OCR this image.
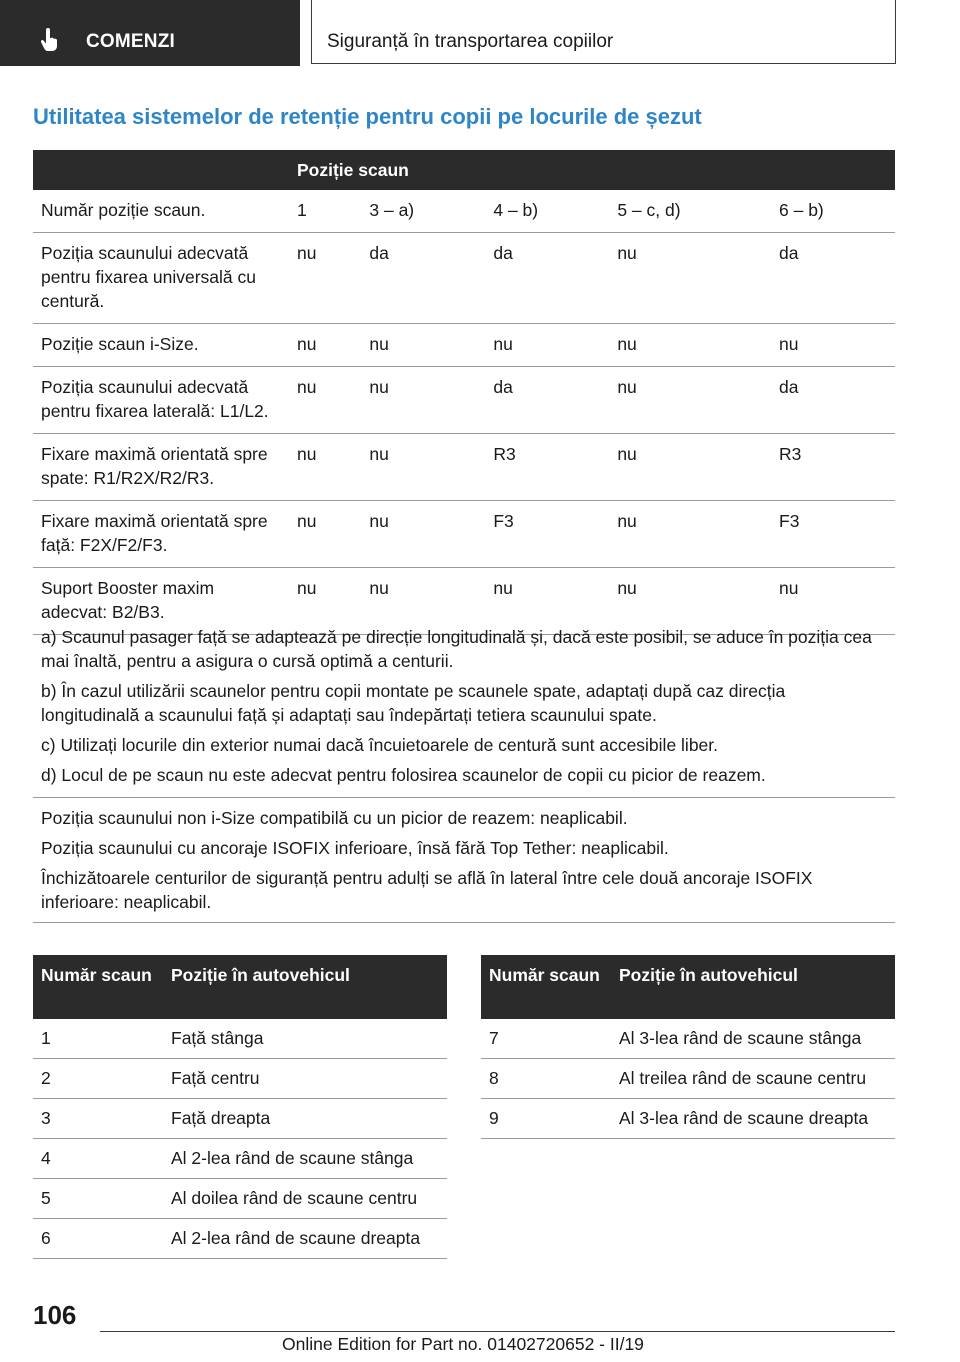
COMENZI	Siguranță în transportarea copiilor
Utilitatea sistemelor de retenție pentru copii pe locurile de șezut
	Poziție scaun				
Număr poziție scaun.	1	3 – a)	4 – b)	5 – c, d)	6 – b)
Poziția scaunului adecvată pentru fixarea universală cu centură.	nu	da	da	nu	da
Poziție scaun i-Size.	nu	nu	nu	nu	nu
Poziția scaunului adecvată pentru fixarea laterală: L1/L2.	nu	nu	da	nu	da
Fixare maximă orientată spre spate: R1/R2X/R2/R3.	nu	nu	R3	nu	R3
Fixare maximă orientată spre față: F2X/F2/F3.	nu	nu	F3	nu	F3
Suport Booster maxim adecvat: B2/B3.	nu	nu	nu	nu	nu

a) Scaunul pasager față se adaptează pe direcție longitudinală și, dacă este posibil, se aduce în poziția cea mai înaltă, pentru a asigura o cursă optimă a centurii.

b) În cazul utilizării scaunelor pentru copii montate pe scaunele spate, adaptați după caz direcția longitudinală a scaunului față și adaptați sau îndepărtați tetiera scaunului spate.

c) Utilizați locurile din exterior numai dacă încuietoarele de centură sunt accesibile liber.

d) Locul de pe scaun nu este adecvat pentru folosirea scaunelor de copii cu picior de reazem.

Poziția scaunului non i-Size compatibilă cu un picior de reazem: neaplicabil.

Poziția scaunului cu ancoraje ISOFIX inferioare, însă fără Top Tether: neaplicabil.

Închizătoarele centurilor de siguranță pentru adulți se află în lateral între cele două ancoraje ISOFIX inferioare: neaplicabil.

Număr scaun	Poziție în autovehicul
1	Față stânga
2	Față centru
3	Față dreapta
4	Al 2-lea rând de scaune stânga
5	Al doilea rând de scaune centru
6	Al 2-lea rând de scaune dreapta
Număr scaun	Poziție în autovehicul
7	Al 3-lea rând de scaune stânga
8	Al treilea rând de scaune centru
9	Al 3-lea rând de scaune dreapta
106
Online Edition for Part no. 01402720652 - II/19
